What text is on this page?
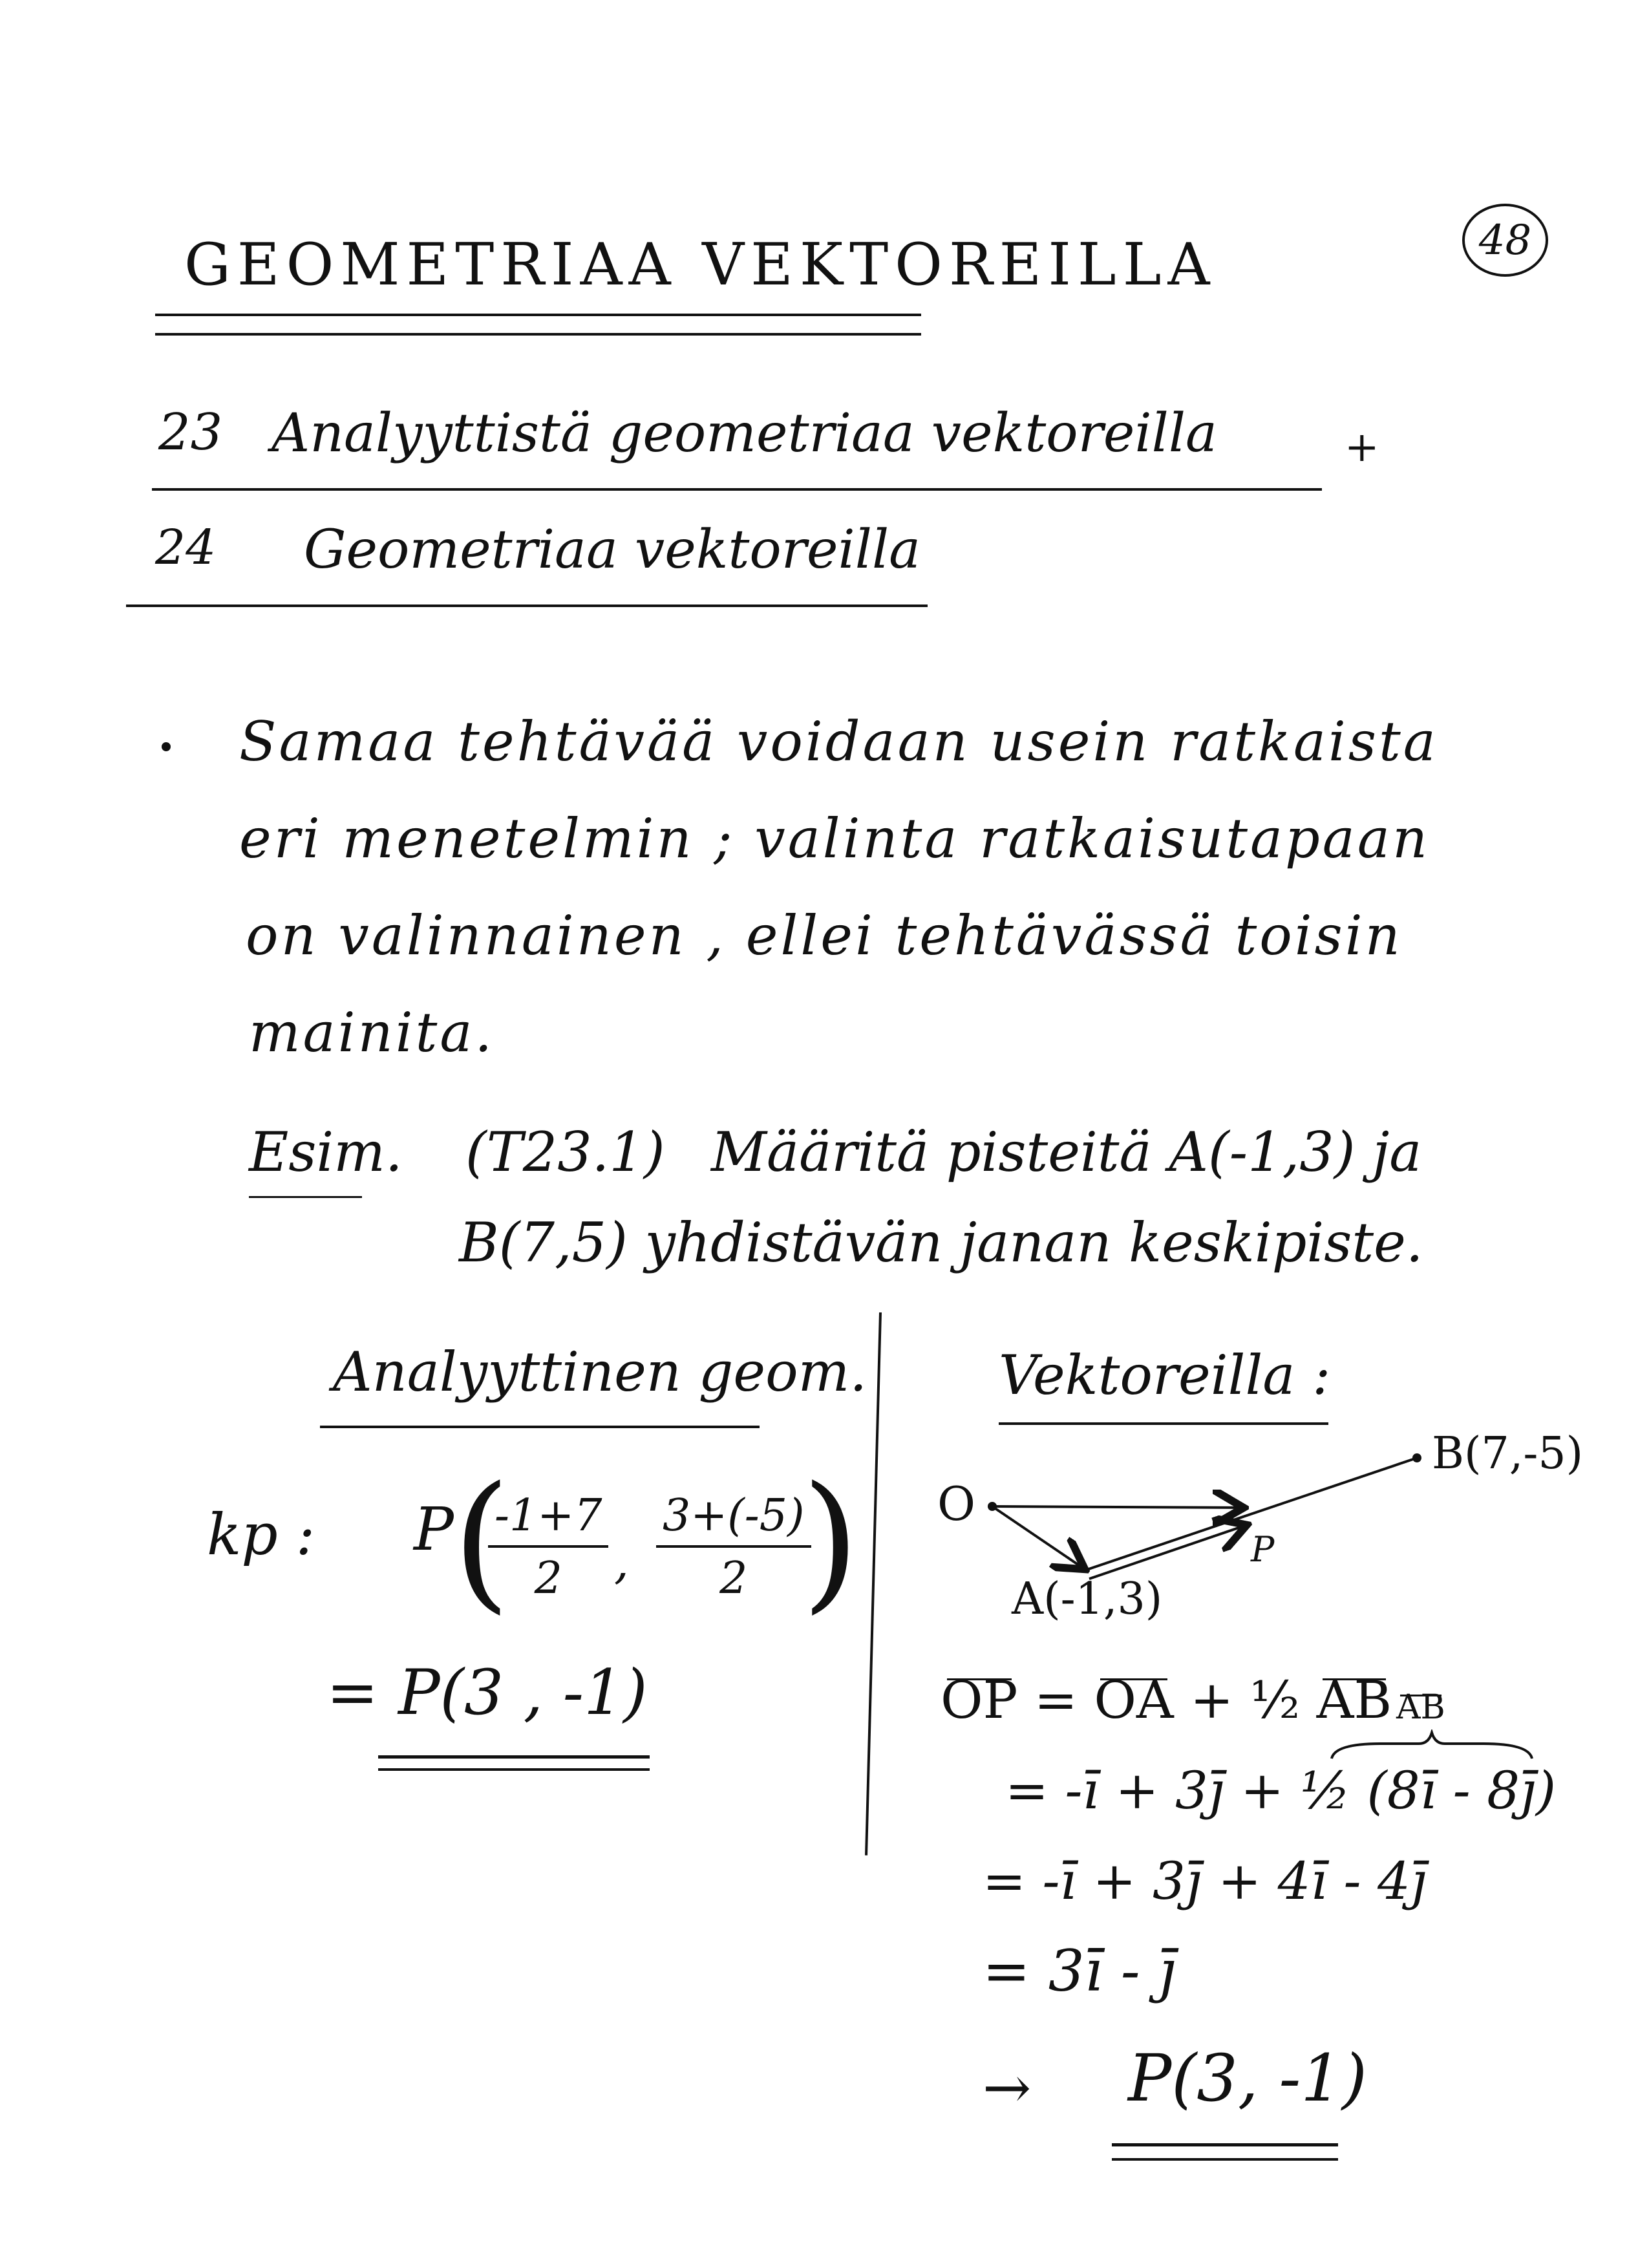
48
GEOMETRIAA VEKTOREILLA
23 Analyyttistä geometriaa vektoreilla	+
24 Geometriaa vektoreilla
Samaa tehtävää voidaan usein ratkaista
eri menetelmin ; valinta ratkaisutapaan
on valinnainen , ellei tehtävässä toisin
mainita.
Esim. (T23.1) Määritä pisteitä A(-1,3) ja
B(7,5) yhdistävän janan keskipiste.
Analyyttinen geom.
kp : P
(
$\frac{-1+7}{2}$ , $\frac{3+(-5)}{2}$
)
= P(3 , -1)
Vektoreilla :
O
A(-1,3)
B(7,-5)
P
OP = OA + ½ AB AB
= -ī + 3j̄ + ½ (8ī - 8j̄)
= -ī + 3j̄ + 4ī - 4j̄
= 3ī - j̄
→ P(3, -1)
